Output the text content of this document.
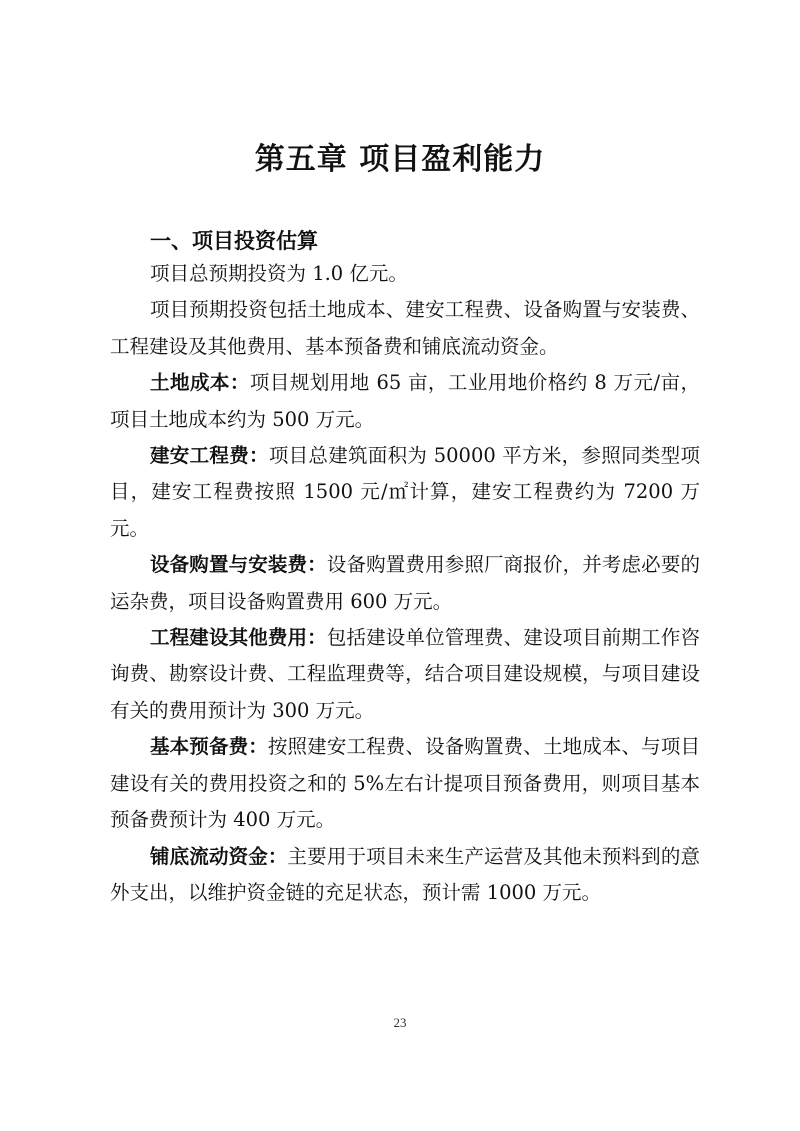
第五章 项目盈利能力
一、项目投资估算

项目总预期投资为 1.0 亿元。

项目预期投资包括土地成本、建安工程费、设备购置与安装费、工程建设及其他费用、基本预备费和铺底流动资金。

土地成本：项目规划用地 65 亩，工业用地价格约 8 万元/亩，项目土地成本约为 500 万元。

建安工程费：项目总建筑面积为 50000 平方米，参照同类型项目，建安工程费按照 1500 元/㎡计算，建安工程费约为 7200 万元。

设备购置与安装费：设备购置费用参照厂商报价，并考虑必要的运杂费，项目设备购置费用 600 万元。

工程建设其他费用：包括建设单位管理费、建设项目前期工作咨询费、勘察设计费、工程监理费等，结合项目建设规模，与项目建设有关的费用预计为 300 万元。

基本预备费：按照建安工程费、设备购置费、土地成本、与项目建设有关的费用投资之和的 5%左右计提项目预备费用，则项目基本预备费预计为 400 万元。

铺底流动资金：主要用于项目未来生产运营及其他未预料到的意外支出，以维护资金链的充足状态，预计需 1000 万元。

23
